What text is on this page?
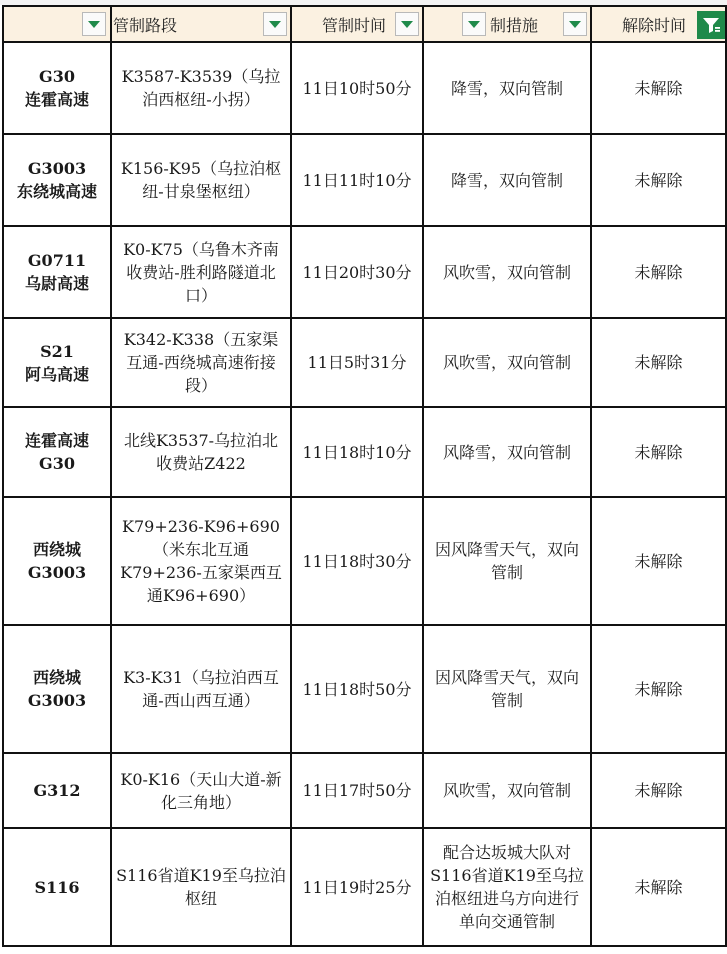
	管制路段	管制时间	制措施	解除时间

G30
连霍高速	K3587-K3539（乌拉泊西枢纽-小拐）	11日10时50分	降雪，双向管制	未解除
G3003
东绕城高速	K156-K95（乌拉泊枢纽-甘泉堡枢纽）	11日11时10分	降雪，双向管制	未解除
G0711
乌尉高速	K0-K75（乌鲁木齐南收费站-胜利路隧道北口）	11日20时30分	风吹雪，双向管制	未解除
S21
阿乌高速	K342-K338（五家渠互通-西绕城高速衔接段）	11日5时31分	风吹雪，双向管制	未解除
连霍高速
G30	北线K3537-乌拉泊北收费站Z422	11日18时10分	风降雪，双向管制	未解除
西绕城
G3003	K79+236-K96+690（米东北互通K79+236-五家渠西互通K96+690）	11日18时30分	因风降雪天气，双向管制	未解除
西绕城
G3003	K3-K31（乌拉泊西互通-西山西互通）	11日18时50分	因风降雪天气，双向管制	未解除
G312	K0-K16（天山大道-新化三角地）	11日17时50分	风吹雪，双向管制	未解除
S116	S116省道K19至乌拉泊枢纽	11日19时25分	配合达坂城大队对S116省道K19至乌拉泊枢纽进乌方向进行单向交通管制	未解除
